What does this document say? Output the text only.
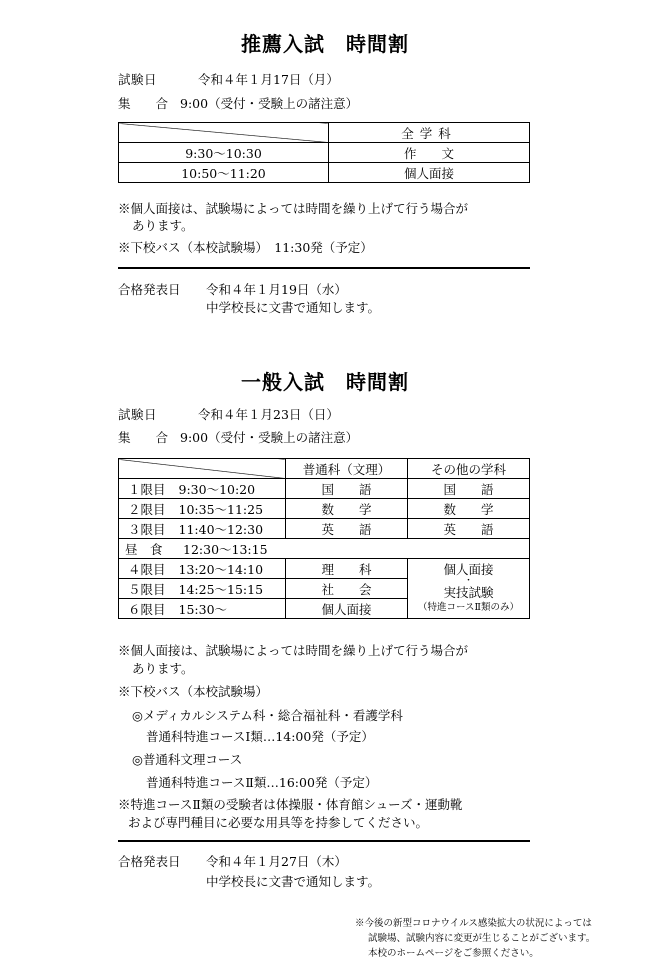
推薦入試　時間割
試験日	令和４年１月17日（月）
集　　合 9:00（受付・受験上の諸注意）
	全学科
9:30～10:30	作　　文
10:50～11:20	個人面接
※個人面接は、試験場によっては時間を繰り上げて行う場合が
あります。
※下校バス（本校試験場）　11:30発（予定）
合格発表日 令和４年１月19日（水）
中学校長に文書で通知します。
一般入試　時間割
試験日	令和４年１月23日（日）
集　　合 9:00（受付・受験上の諸注意）
		普通科（文理）	その他の学科
１限目	9:30～10:20	国　　語	国　　語
２限目	10:35～11:25	数　　学	数　　学
３限目	11:40～12:30	英　　語	英　　語
昼　食 12:30～13:15			
４限目	13:20～14:10	理　　科	個人面接
・
実技試験
（特進コースⅡ類のみ）

５限目	14:25～15:15	社　　会	
６限目	15:30～	個人面接	
※個人面接は、試験場によっては時間を繰り上げて行う場合が
あります。
※下校バス（本校試験場）
◎メディカルシステム科・総合福祉科・看護学科
普通科特進コースⅠ類…14:00発（予定）
◎普通科文理コース
普通科特進コースⅡ類…16:00発（予定）
※特進コースⅡ類の受験者は体操服・体育館シューズ・運動靴
および専門種目に必要な用具等を持参してください。
合格発表日 令和４年１月27日（木）
中学校長に文書で通知します。
※今後の新型コロナウイルス感染拡大の状況によっては
試験場、試験内容に変更が生じることがございます。
本校のホームページをご参照ください。
